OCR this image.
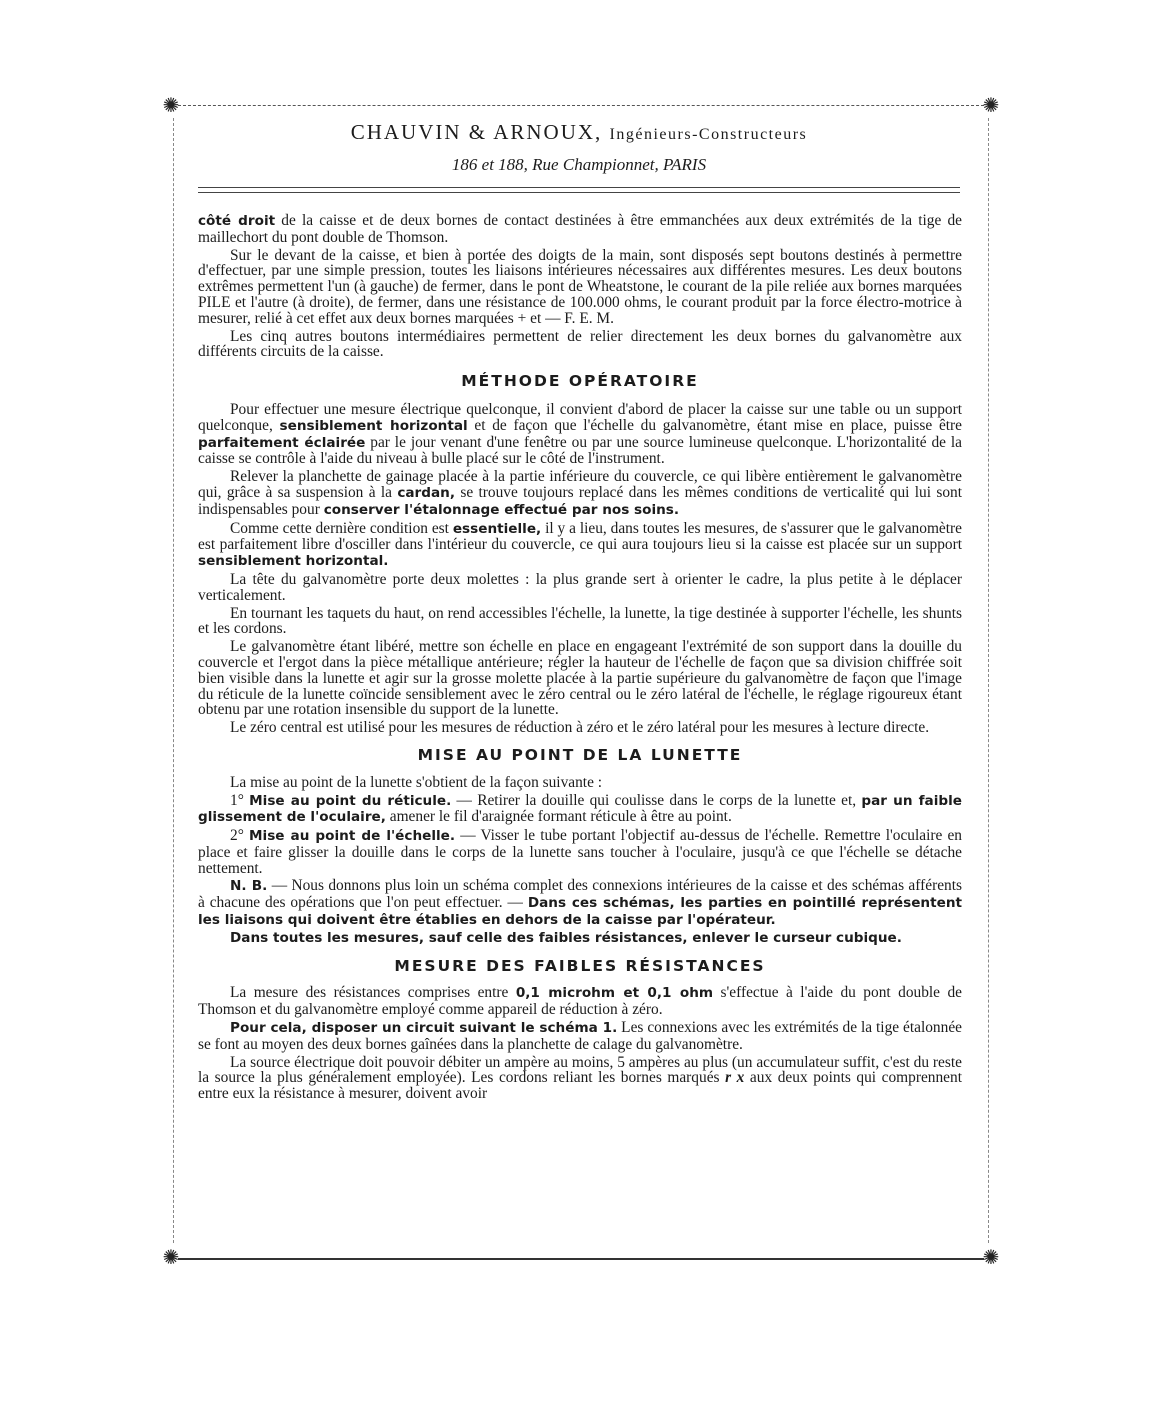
✺	✺
✺	✺
CHAUVIN & ARNOUX, Ingénieurs-Constructeurs
186 et 188, Rue Championnet, PARIS

côté droit de la caisse et de deux bornes de contact destinées à être emmanchées aux deux extrémités de la tige de maillechort du pont double de Thomson.

Sur le devant de la caisse, et bien à portée des doigts de la main, sont disposés sept boutons destinés à permettre d'effectuer, par une simple pression, toutes les liaisons intérieures nécessaires aux différentes mesures. Les deux boutons extrêmes permettent l'un (à gauche) de fermer, dans le pont de Wheatstone, le courant de la pile reliée aux bornes marquées PILE et l'autre (à droite), de fermer, dans une résistance de 100.000 ohms, le courant produit par la force électro-motrice à mesurer, relié à cet effet aux deux bornes marquées + et — F. E. M.

Les cinq autres boutons intermédiaires permettent de relier directement les deux bornes du galvanomètre aux différents circuits de la caisse.

MÉTHODE OPÉRATOIRE

Pour effectuer une mesure électrique quelconque, il convient d'abord de placer la caisse sur une table ou un support quelconque, sensiblement horizontal et de façon que l'échelle du galvanomètre, étant mise en place, puisse être parfaitement éclairée par le jour venant d'une fenêtre ou par une source lumineuse quelconque. L'horizontalité de la caisse se contrôle à l'aide du niveau à bulle placé sur le côté de l'instrument.

Relever la planchette de gainage placée à la partie inférieure du couvercle, ce qui libère entièrement le galvanomètre qui, grâce à sa suspension à la cardan, se trouve toujours replacé dans les mêmes conditions de verticalité qui lui sont indispensables pour conserver l'étalonnage effectué par nos soins.

Comme cette dernière condition est essentielle, il y a lieu, dans toutes les mesures, de s'assurer que le galvanomètre est parfaitement libre d'osciller dans l'intérieur du couvercle, ce qui aura toujours lieu si la caisse est placée sur un support sensiblement horizontal.

La tête du galvanomètre porte deux molettes : la plus grande sert à orienter le cadre, la plus petite à le déplacer verticalement.

En tournant les taquets du haut, on rend accessibles l'échelle, la lunette, la tige destinée à supporter l'échelle, les shunts et les cordons.

Le galvanomètre étant libéré, mettre son échelle en place en engageant l'extrémité de son support dans la douille du couvercle et l'ergot dans la pièce métallique antérieure; régler la hauteur de l'échelle de façon que sa division chiffrée soit bien visible dans la lunette et agir sur la grosse molette placée à la partie supérieure du galvanomètre de façon que l'image du réticule de la lunette coïncide sensiblement avec le zéro central ou le zéro latéral de l'échelle, le réglage rigoureux étant obtenu par une rotation insensible du support de la lunette.

Le zéro central est utilisé pour les mesures de réduction à zéro et le zéro latéral pour les mesures à lecture directe.

MISE AU POINT DE LA LUNETTE

La mise au point de la lunette s'obtient de la façon suivante :

1° Mise au point du réticule. — Retirer la douille qui coulisse dans le corps de la lunette et, par un faible glissement de l'oculaire, amener le fil d'araignée formant réticule à être au point.

2° Mise au point de l'échelle. — Visser le tube portant l'objectif au-dessus de l'échelle. Remettre l'oculaire en place et faire glisser la douille dans le corps de la lunette sans toucher à l'oculaire, jusqu'à ce que l'échelle se détache nettement.

N. B. — Nous donnons plus loin un schéma complet des connexions intérieures de la caisse et des schémas afférents à chacune des opérations que l'on peut effectuer. — Dans ces schémas, les parties en pointillé représentent les liaisons qui doivent être établies en dehors de la caisse par l'opérateur.

Dans toutes les mesures, sauf celle des faibles résistances, enlever le curseur cubique.

MESURE DES FAIBLES RÉSISTANCES

La mesure des résistances comprises entre 0,1 microhm et 0,1 ohm s'effectue à l'aide du pont double de Thomson et du galvanomètre employé comme appareil de réduction à zéro.

Pour cela, disposer un circuit suivant le schéma 1. Les connexions avec les extrémités de la tige étalonnée se font au moyen des deux bornes gaînées dans la planchette de calage du galvanomètre.

La source électrique doit pouvoir débiter un ampère au moins, 5 ampères au plus (un accumulateur suffit, c'est du reste la source la plus généralement employée). Les cordons reliant les bornes marqués r x aux deux points qui comprennent entre eux la résistance à mesurer, doivent avoir
